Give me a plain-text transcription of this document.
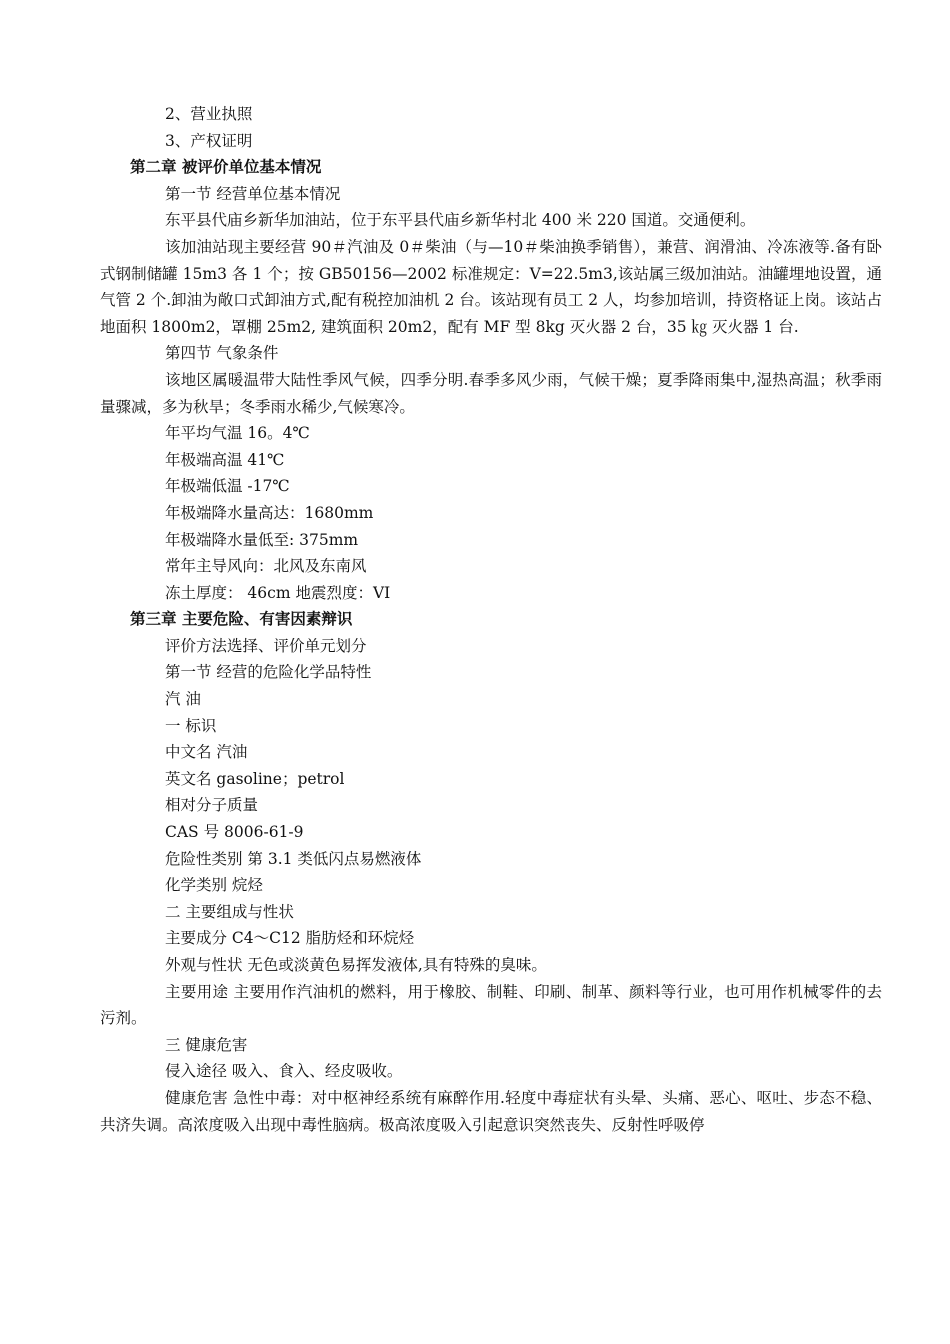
2、营业执照
3、产权证明
第二章 被评价单位基本情况
第一节 经营单位基本情况
东平县代庙乡新华加油站，位于东平县代庙乡新华村北 400 米 220 国道。交通便利。

该加油站现主要经营 90＃汽油及 0＃柴油（与—10＃柴油换季销售），兼营、润滑油、冷冻液等.备有卧式钢制储罐 15m3 各 1 个；按 GB50156—2002 标准规定：V=22.5m3,该站属三级加油站。油罐埋地设置，通气管 2 个.卸油为敞口式卸油方式,配有税控加油机 2 台。该站现有员工 2 人，均参加培训，持资格证上岗。该站占地面积 1800m2，罩棚 25m2, 建筑面积 20m2，配有 MF 型 8kg 灭火器 2 台，35 ㎏ 灭火器 1 台.

第四节 气象条件

该地区属暖温带大陆性季风气候，四季分明.春季多风少雨，气候干燥；夏季降雨集中,湿热高温；秋季雨量骤减，多为秋旱；冬季雨水稀少,气候寒冷。

年平均气温 16。4℃
年极端高温 41℃
年极端低温 -17℃
年极端降水量高达：1680mm
年极端降水量低至: 375mm
常年主导风向：北风及东南风
冻土厚度： 46cm 地震烈度：VI
第三章 主要危险、有害因素辩识
评价方法选择、评价单元划分
第一节 经营的危险化学品特性
汽 油
一 标识
中文名 汽油
英文名 gasoline；petrol
相对分子质量
CAS 号 8006-61-9
危险性类别 第 3.1 类低闪点易燃液体
化学类别 烷烃
二 主要组成与性状
主要成分 C4～C12 脂肪烃和环烷烃
外观与性状 无色或淡黄色易挥发液体,具有特殊的臭味。

主要用途 主要用作汽油机的燃料，用于橡胶、制鞋、印刷、制革、颜料等行业，也可用作机械零件的去污剂。

三 健康危害
侵入途径 吸入、食入、经皮吸收。

健康危害 急性中毒：对中枢神经系统有麻醉作用.轻度中毒症状有头晕、头痛、恶心、呕吐、步态不稳、共济失调。高浓度吸入出现中毒性脑病。极高浓度吸入引起意识突然丧失、反射性呼吸停
